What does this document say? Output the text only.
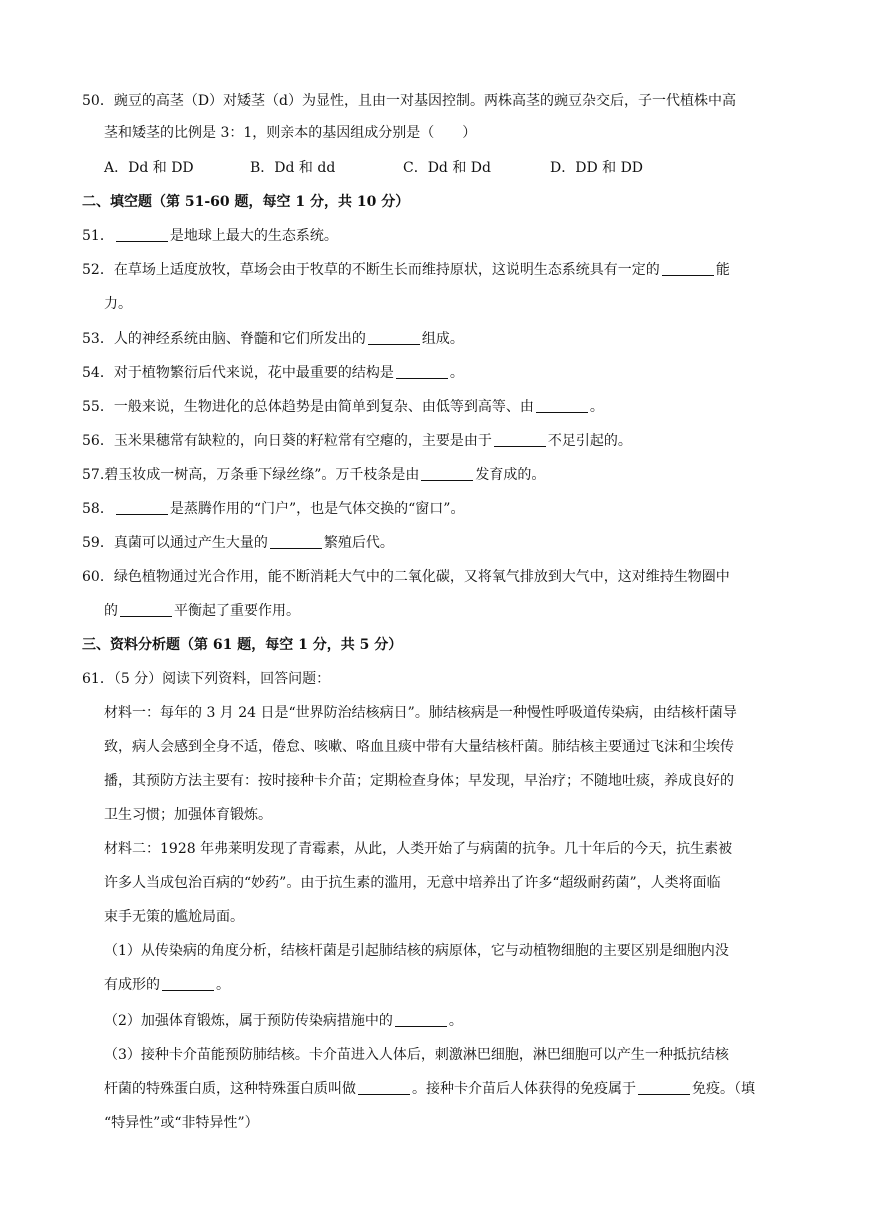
50．豌豆的高茎（D）对矮茎（d）为显性，且由一对基因控制。两株高茎的豌豆杂交后，子一代植株中高
茎和矮茎的比例是 3：1，则亲本的基因组成分别是（　　）
A．Dd 和 DD	B．Dd 和 dd	C．Dd 和 Dd	D．DD 和 DD
二、填空题（第 51-60 题，每空 1 分，共 10 分）
51．	是地球上最大的生态系统。
52．在草场上适度放牧，草场会由于牧草的不断生长而维持原状，这说明生态系统具有一定的	能
力。
53．人的神经系统由脑、脊髓和它们所发出的	组成。
54．对于植物繁衍后代来说，花中最重要的结构是	。
55．一般来说，生物进化的总体趋势是由简单到复杂、由低等到高等、由	。
56．玉米果穗常有缺粒的，向日葵的籽粒常有空瘪的，主要是由于	不足引起的。
57.碧玉妆成一树高，万条垂下绿丝绦”。万千枝条是由	发育成的。
58．	是蒸腾作用的“门户”，也是气体交换的“窗口”。
59．真菌可以通过产生大量的	繁殖后代。
60．绿色植物通过光合作用，能不断消耗大气中的二氧化碳，又将氧气排放到大气中，这对维持生物圈中
的	平衡起了重要作用。
三、资料分析题（第 61 题，每空 1 分，共 5 分）
61．（5 分）阅读下列资料，回答问题：
材料一：每年的 3 月 24 日是“世界防治结核病日”。肺结核病是一种慢性呼吸道传染病，由结核杆菌导
致，病人会感到全身不适，倦怠、咳嗽、咯血且痰中带有大量结核杆菌。肺结核主要通过飞沫和尘埃传
播，其预防方法主要有：按时接种卡介苗；定期检查身体；早发现，早治疗；不随地吐痰，养成良好的
卫生习惯；加强体育锻炼。
材料二：1928 年弗莱明发现了青霉素，从此，人类开始了与病菌的抗争。几十年后的今天，抗生素被
许多人当成包治百病的“妙药”。由于抗生素的滥用，无意中培养出了许多“超级耐药菌”，人类将面临
束手无策的尴尬局面。
（1）从传染病的角度分析，结核杆菌是引起肺结核的病原体，它与动植物细胞的主要区别是细胞内没
有成形的	。
（2）加强体育锻炼，属于预防传染病措施中的	。
（3）接种卡介苗能预防肺结核。卡介苗进入人体后，刺激淋巴细胞，淋巴细胞可以产生一种抵抗结核
杆菌的特殊蛋白质，这种特殊蛋白质叫做	。接种卡介苗后人体获得的免疫属于	免疫。（填
“特异性”或“非特异性”）
